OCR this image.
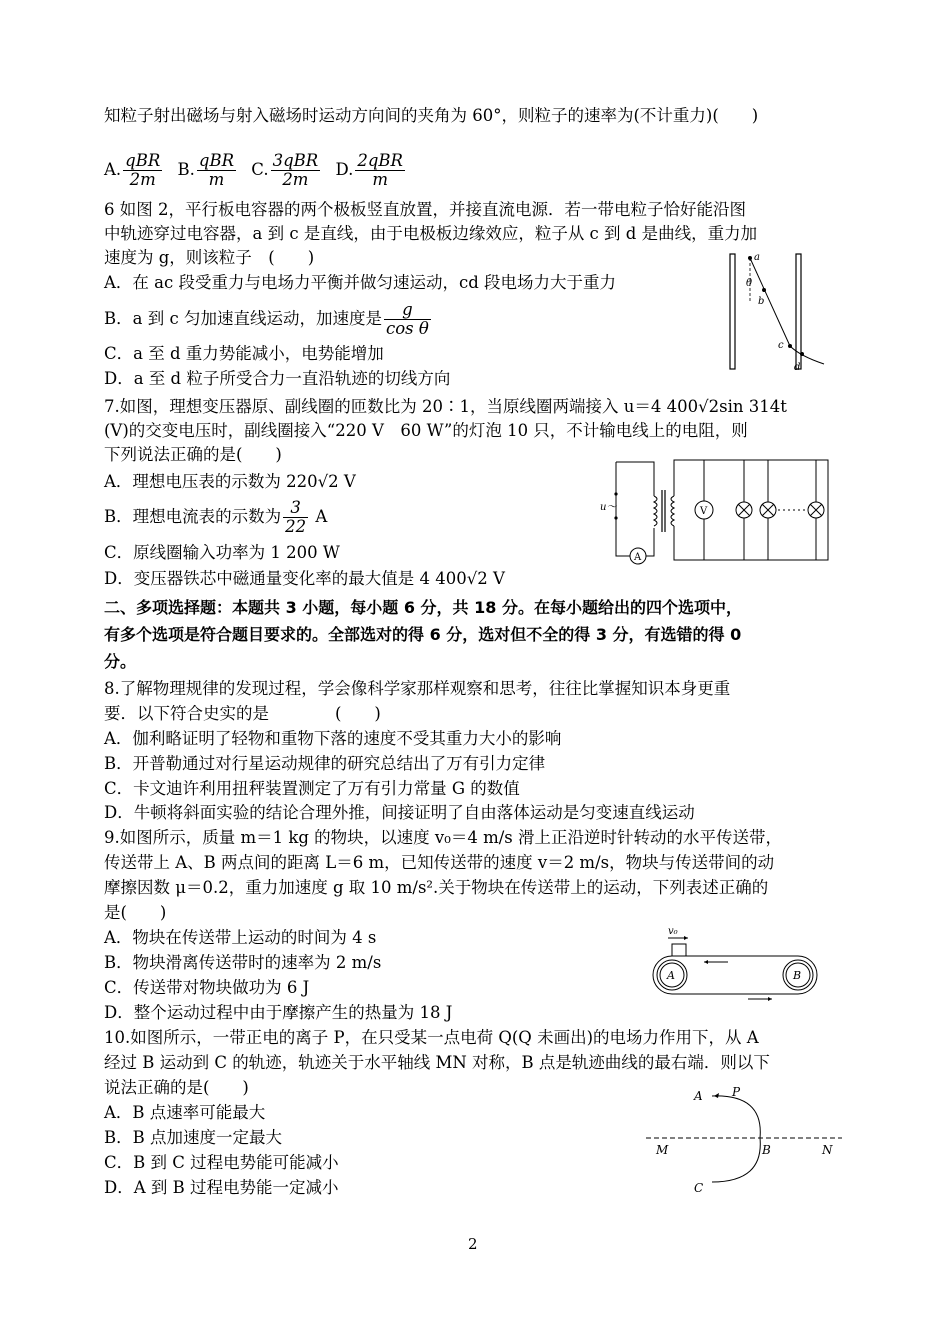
知粒子射出磁场与射入磁场时运动方向间的夹角为 60°，则粒子的速率为(不计重力)(　　)
A. $\frac{\text{qBR}}{2m} B$. $\frac{\text{qBR}}{m} C$. $\frac{\text{3qBR}}{2m} D$. $\frac{\text{2qBR}}{m}$
6 如图 2，平行板电容器的两个极板竖直放置，并接直流电源．若一带电粒子恰好能沿图
中轨迹穿过电容器，a 到 c 是直线，由于电极板边缘效应，粒子从 c 到 d 是曲线，重力加
速度为 g，则该粒子　(　　)
A．在 ac 段受重力与电场力平衡并做匀速运动，cd 段电场力大于重力
B．a 到 c 匀加速直线运动，加速度是 $\frac{g}{\text{cos θ}}$
C．a 至 d 重力势能减小，电势能增加
D．a 至 d 粒子所受合力一直沿轨迹的切线方向
a
θ
b
c
d
7.如图，理想变压器原、副线圈的匝数比为 20∶1，当原线圈两端接入 u＝4 400√2sin 314t
(V)的交变电压时，副线圈接入“220 V　60 W”的灯泡 10 只，不计输电线上的电阻，则
下列说法正确的是(　　)
A．理想电压表的示数为 220√2 V
B．理想电流表的示数为 $\frac{3}{22}$ A
C．原线圈输入功率为 1 200 W
D．变压器铁芯中磁通量变化率的最大值是 4 400√2 V
A
u～	V
二、多项选择题：本题共 3 小题，每小题 6 分，共 18 分。在每小题给出的四个选项中，
有多个选项是符合题目要求的。全部选对的得 6 分，选对但不全的得 3 分，有选错的得 0
分。
8.了解物理规律的发现过程，学会像科学家那样观察和思考，往往比掌握知识本身更重
要．以下符合史实的是　　　　(　　)
A．伽利略证明了轻物和重物下落的速度不受其重力大小的影响
B．开普勒通过对行星运动规律的研究总结出了万有引力定律
C．卡文迪许利用扭秤装置测定了万有引力常量 G 的数值
D．牛顿将斜面实验的结论合理外推，间接证明了自由落体运动是匀变速直线运动
9.如图所示，质量 m＝1 kg 的物块，以速度 v₀＝4 m/s 滑上正沿逆时针转动的水平传送带，
传送带上 A、B 两点间的距离 L＝6 m，已知传送带的速度 v＝2 m/s，物块与传送带间的动
摩擦因数 μ＝0.2，重力加速度 g 取 10 m/s².关于物块在传送带上的运动，下列表述正确的
是(　　)
A．物块在传送带上运动的时间为 4 s
B．物块滑离传送带时的速率为 2 m/s
C．传送带对物块做功为 6 J
D．整个运动过程中由于摩擦产生的热量为 18 J
v₀
A	B
10.如图所示，一带正电的离子 P，在只受某一点电荷 Q(Q 未画出)的电场力作用下，从 A
经过 B 运动到 C 的轨迹，轨迹关于水平轴线 MN 对称，B 点是轨迹曲线的最右端．则以下
说法正确的是(　　)
A．B 点速率可能最大
B．B 点加速度一定最大
C．B 到 C 过程电势能可能减小
D．A 到 B 过程电势能一定减小
A P
M	B	N
C
2
